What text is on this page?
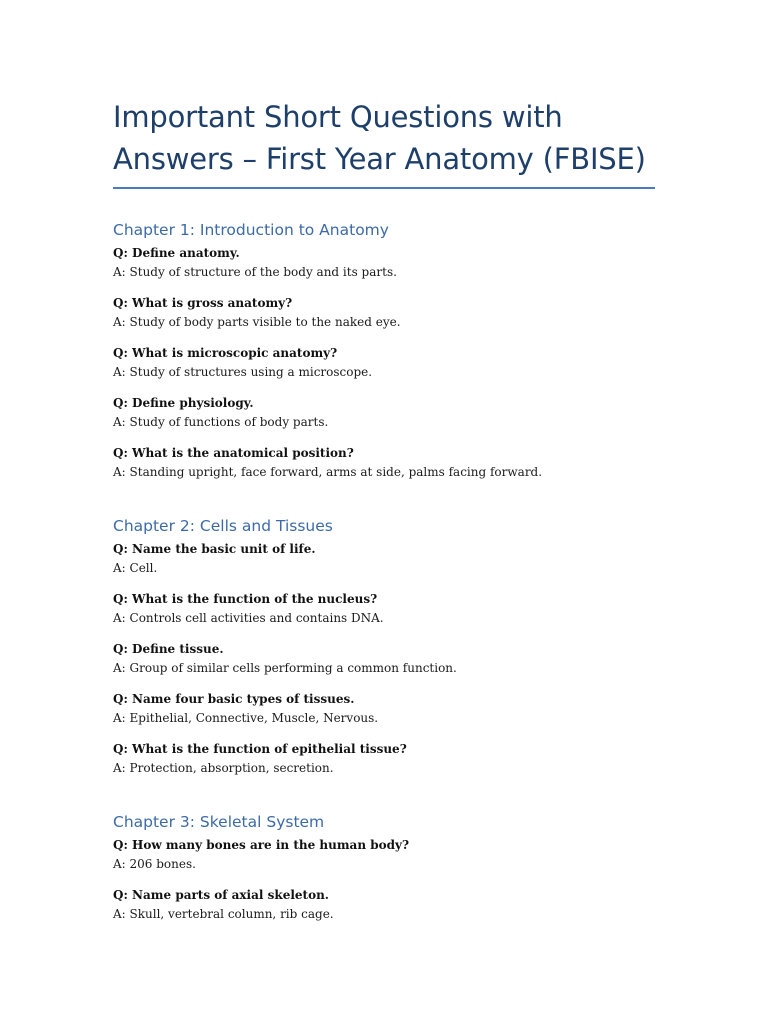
Important Short Questions with
Answers – First Year Anatomy (FBISE)
Chapter 1: Introduction to Anatomy

Q: Define anatomy.

A: Study of structure of the body and its parts.

Q: What is gross anatomy?

A: Study of body parts visible to the naked eye.

Q: What is microscopic anatomy?

A: Study of structures using a microscope.

Q: Define physiology.

A: Study of functions of body parts.

Q: What is the anatomical position?

A: Standing upright, face forward, arms at side, palms facing forward.

Chapter 2: Cells and Tissues

Q: Name the basic unit of life.

A: Cell.

Q: What is the function of the nucleus?

A: Controls cell activities and contains DNA.

Q: Define tissue.

A: Group of similar cells performing a common function.

Q: Name four basic types of tissues.

A: Epithelial, Connective, Muscle, Nervous.

Q: What is the function of epithelial tissue?

A: Protection, absorption, secretion.

Chapter 3: Skeletal System

Q: How many bones are in the human body?

A: 206 bones.

Q: Name parts of axial skeleton.

A: Skull, vertebral column, rib cage.
